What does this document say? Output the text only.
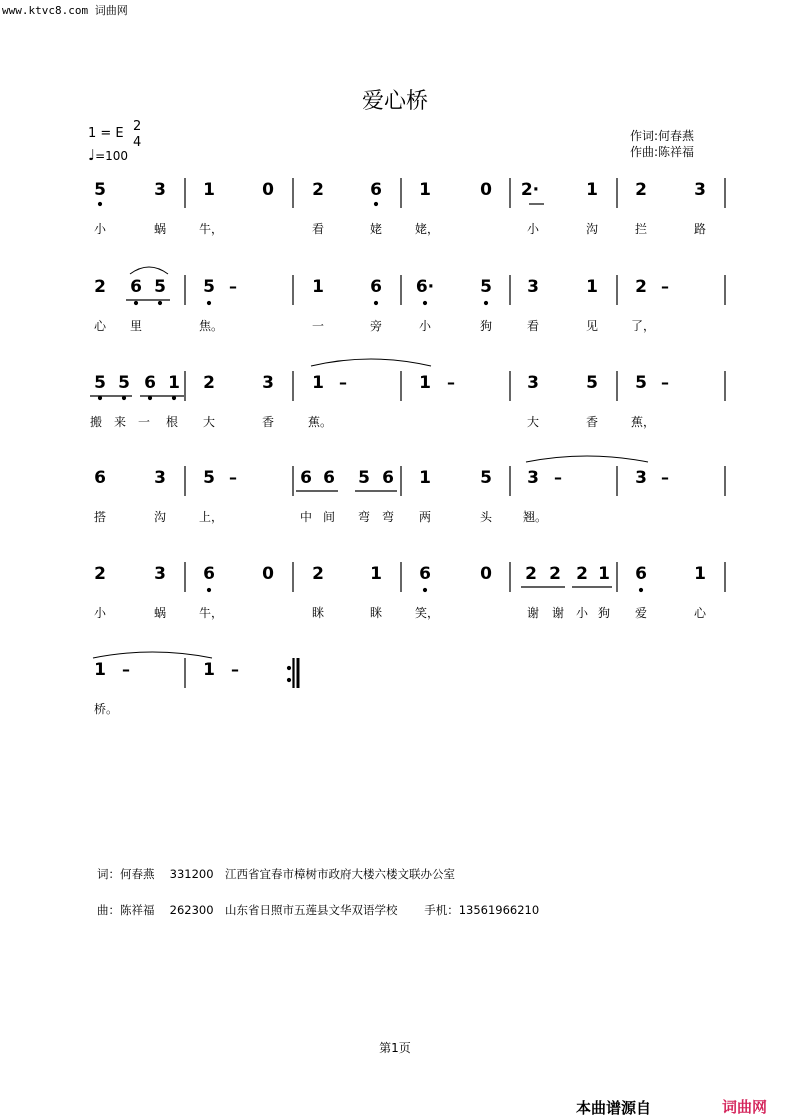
www.ktvc8.com 词曲网
爱心桥
1 = E 2
4
♩=100
作词:何春燕
作曲:陈祥福
5	3 1	0 2	6 1	0 2·	1 2	3
小	蜗	牛，	看	姥	姥，	小	沟	拦	路
2 6 5 5 –	1	6 6·	5 3	1 2 –
心	里	焦。	一	旁	小	狗	看	见	了，
5 5 6 1 2	3 1 –	1	–	3	5 5 –
搬 来 一	根	大	香	蕉。	大	香	蕉，
6	3 5 –	6 6 5 6 1	5 3 –	3 –
搭	沟	上，	中 间	弯 弯	两	头	翘。
2	3 6	0 2	1 6	0 2 2 2 1 6	1
小	蜗	牛，	眯	眯	笑，	谢	谢 小 狗	爱	心
1	–	1	–
桥。
词：何春燕　 331200　江西省宜春市樟树市政府大楼六楼文联办公室
曲：陈祥福　 262300　山东省日照市五莲县文华双语学校　　 手机：13561966210
第1页
本曲谱源自	词曲网
